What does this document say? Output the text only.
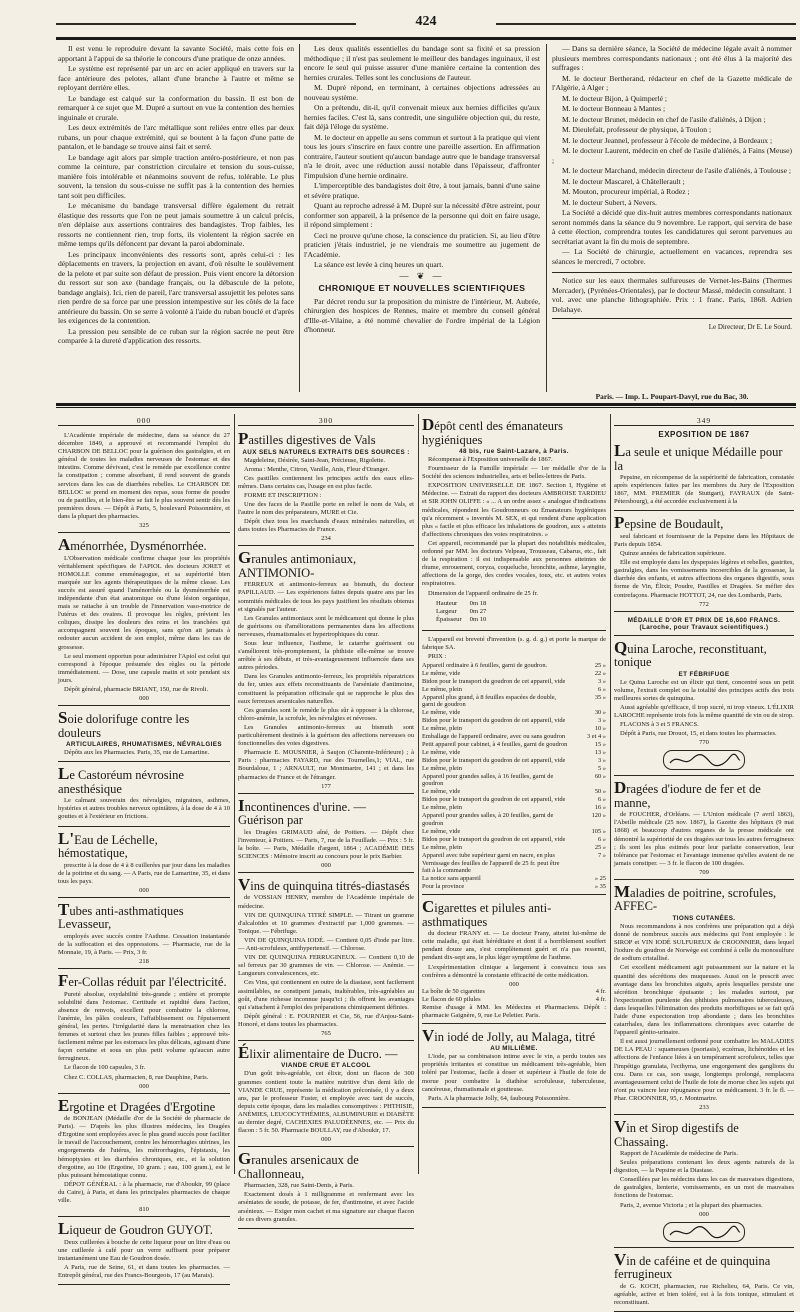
424

Il est venu le reproduire devant la savante Société, mais cette fois en apportant à l'appui de sa théorie le concours d'une pratique de onze années.

Le système est représenté par un arc en acier appliqué en travers sur la face antérieure des pelotes, allant d'une branche à l'autre et même se reployant derrière elles.

Le bandage est calqué sur la conformation du bassin. Il est bon de remarquer à ce sujet que M. Dupré a surtout en vue la contention des hernies inguinale et crurale.

Les deux extrémités de l'arc métallique sont reliées entre elles par deux rubans, un pour chaque extrémité, qui se boutent à la façon d'une patte de pantalon, et le bandage se trouve ainsi fait et serré.

Le bandage agit alors par simple traction antéro-postérieure, et non pas comme la ceinture, par constriction circulaire et tension du sous-cuisse, manière fois intolérable et néanmoins souvent de refus, tolérable. Le plus souvent, la tension du sous-cuisse ne suffit pas à la contention des hernies tant soit peu difficiles.

Le mécanisme du bandage transversal diffère également du retrait élastique des ressorts que l'on ne peut jamais soumettre à un calcul précis, n'en déplaise aux assertions contraires des bandagistes. Trop faibles, les ressorts ne contiennent rien, trop forts, ils violentent la région sacrée en même temps qu'ils défoncent par devant la paroi abdominale.

Les principaux inconvénients des ressorts sont, après celui-ci : les déplacements en travers, la projection en avant, d'où résulte le soulèvement de la pelote et par suite son défaut de pression. Puis vient encore la détorsion du ressort sur son axe (bandage français, ou la débascule de la pelote, bandage anglais). Ici, rien de pareil, l'arc transversal assujettit les pelotes sans rien perdre de sa force par une pression intempestive sur les côtés de la face antérieure du bassin. On se serre à volonté à l'aide du ruban bouclé et d'après les exigences de la contention.

La pression peu sensible de ce ruban sur la région sacrée ne peut être comparée à la dureté d'application des ressorts.

Les deux qualités essentielles du bandage sont sa fixité et sa pression méthodique ; il n'est pas seulement le meilleur des bandages inguinaux, il est encore le seul qui puisse assurer d'une manière certaine la contention des hernies crurales. Telles sont les conclusions de l'auteur.

M. Dupré répond, en terminant, à certaines objections adressées au nouveau système.

On a prétendu, dit-il, qu'il convenait mieux aux hernies difficiles qu'aux hernies faciles. C'est là, sans contredit, une singulière objection qui, du reste, fait déjà l'éloge du système.

M. le docteur en appelle au sens commun et surtout à la pratique qui vient tous les jours s'inscrire en faux contre une pareille assertion. En affirmation contraire, l'auteur soutient qu'aucun bandage autre que le bandage transversal n'a le droit, avec une réduction aussi notable dans l'épaisseur, d'affronter l'impulsion d'une hernie ordinaire.

L'imperceptible des bandagistes doit être, à tout jamais, banni d'une saine et sévère pratique.

Quant au reproche adressé à M. Dupré sur la nécessité d'être astreint, pour conformer son appareil, à la présence de la personne qui doit en faire usage, il répond simplement :

Ceci ne prouve qu'une chose, la conscience du praticien. Si, au lieu d'être praticien j'étais industriel, je ne viendrais me soumettre au jugement de l'Académie.

La séance est levée à cinq heures un quart.

— ❦ —
CHRONIQUE ET NOUVELLES SCIENTIFIQUES

Par décret rendu sur la proposition du ministre de l'intérieur, M. Aubrée, chirurgien des hospices de Rennes, maire et membre du conseil général d'Ille-et-Vilaine, a été nommé chevalier de l'ordre impérial de la Légion d'honneur.

— Dans sa dernière séance, la Société de médecine légale avait à nommer plusieurs membres correspondants nationaux ; ont été élus à la majorité des suffrages :

M. le docteur Bertherand, rédacteur en chef de la Gazette médicale de l'Algérie, à Alger ;

M. le docteur Bijon, à Quimperlé ;

M. le docteur Bonneau à Mantes ;

M. le docteur Brunet, médecin en chef de l'asile d'aliénés, à Dijon ;

M. Dieulefait, professeur de physique, à Toulon ;

M. le docteur Jeannel, professeur à l'école de médecine, à Bordeaux ;

M. le docteur Laurent, médecin en chef de l'asile d'aliénés, à Fains (Meuse) ;

M. le docteur Marchand, médecin directeur de l'asile d'aliénés, à Toulouse ;

M. le docteur Mascarel, à Châtellerault ;

M. Mouton, procureur impérial, à Rodez ;

M. le docteur Subert, à Nevers.

La Société a décidé que dix-huit autres membres correspondants nationaux seront nommés dans la séance du 9 novembre. Le rapport, qui servira de base à cette élection, comprendra toutes les candidatures qui seront parvenues au secrétariat avant la fin du mois de septembre.

— La Société de chirurgie, actuellement en vacances, reprendra ses séances le mercredi, 7 octobre.

Notice sur les eaux thermales sulfureuses de Vernet-les-Bains (Thermes Mercader), (Pyrénées-Orientales), par le docteur Massé, médecin consultant. 1 vol. avec une planche lithographiée. Prix : 1 franc. Paris, 1868. Adrien Delahaye.

Le Directeur, Dr E. Le Sourd.
Paris. — Imp. L. Poupart-Davyl, rue du Bac, 30.
000

L'Académie impériale de médecine, dans sa séance du 27 décembre 1849, a approuvé et recommandé l'emploi du CHARBON DE BELLOC pour la guérison des gastralgies, et en général de toutes les maladies nerveuses de l'estomac et des intestins. Comme dévivant, c'est le remède par excellence contre la constipation ; comme absorbant, il rend souvent de grands services dans les cas de diarrhées rebelles. Le CHARBON DE BELLOC se prend en moment des repas, sous forme de poudre ou de pastilles, et le bien-être se fait le plus souvent sentir dès les premières doses. — Dépôt à Paris, 5, boulevard Poissonnière, et dans la plupart des pharmacies.

325
Aménorrhée, Dysménorrhée.

L'Observation médicale confirme chaque jour les propriétés véritablement spécifiques de l'APIOL des docteurs JORET et HOMOLLE comme emménagogue, et sa supériorité bien marquée sur les agents thérapeutiques de la même classe. Les succès est assuré quand l'aménorrhée ou la dysménorrhée est indépendante d'un état anatomique ou d'une lésion organique, mais se rattache à un trouble de l'innervation vaso-motrice de l'utérus et des ovaires. Il provoque les règles, prévient les coliques, dissipe les douleurs des reins et les tranchées qui accompagnent souvent les époques, sans qu'on ait jamais à redouter aucun accident de son emploi, même dans les cas de grossesse.

Le seul moment opportun pour administrer l'Apiol est celui qui correspond à l'époque présumée des règles ou la période immédiatement. — Dose, une capsule matin et soir pendant six jours.

Dépôt général, pharmacie BRIANT, 150, rue de Rivoli.

000
Soie dolorifuge contre les douleurs
ARTICULAIRES, RHUMATISMES, NÉVRALGIES

Dépôts aux les Pharmacies. Paris, 35, rue de Lamartine.

Le Castoréum névrosine anesthésique

Le calmant souverain des névralgies, migraines, asthmes, hystéries et autres troubles nerveux opiniâtres, à la dose de 4 à 10 gouttes et à l'extérieur en frictions.

L'Eau de Léchelle, hémostatique,

prescrite à la dose de 4 à 8 cuillerées par jour dans les maladies de la poitrine et du sang. — A Paris, rue de Lamartine, 35, et dans tous les pays.

000
Tubes anti-asthmatiques Levasseur,

employés avec succès contre l'Asthme. Cessation instantanée de la suffocation et des oppressions. — Pharmacie, rue de la Monnaie, 19, à Paris. — Prix, 3 fr.

218
Fer-Collas réduit par l'électricité.

Pureté absolue, oxydabilité très-grande ; entière et prompte solubilité dans l'estomac. Certitude et rapidité dans l'action, absence de renvois, excellent pour combattre la chlorose, l'anémie, les pâles couleurs, l'affaiblissement ou l'épuisement général, les pertes. l'irrégularité dans la menstruation chez les femmes et surtout chez les jeunes filles faibles ; approuvé très-facilement même par les estomacs les plus délicats, agissant d'une façon certaine et sous un plus petit volume qu'aucun autre ferrugineux.

Le flacon de 100 capsules, 3 fr.

Chez C. COLLAS, pharmacien, 8, rue Dauphine, Paris.

000
Ergotine et Dragées d'Ergotine

de BONJEAN (Médaille d'or de la Société de pharmacie de Paris). — D'après les plus illustres médecins, les Dragées d'Ergotine sont employées avec le plus grand succès pour faciliter le travail de l'accouchement, contre les hémorrhagies utérines, les engorgements de l'utérus, les métrorrhagies, l'épistaxis, les hémoptysies et les diarrhées chroniques, etc., et la solution d'ergotine, au 10e (Ergotine, 10 gram. ; eau, 100 gram.), est le plus puissant hémostatique connu.

DÉPOT GÉNÉRAL : à la pharmacie, rue d'Aboukir, 99 (place du Caire), à Paris, et dans les principales pharmacies de chaque ville.

810
Liqueur de Goudron GUYOT.

Deux cuillerées à bouche de cette liqueur pour un litre d'eau ou une cuillerée à café pour un verre suffisent pour préparer instantanément une Eau de Goudron dosée.

A Paris, rue de Seine, 61, et dans toutes les pharmacies. — Entrepôt général, rue des Francs-Bourgeois, 17 (au Marais).

300
Pastilles digestives de Vals
AUX SELS NATURELS EXTRAITS DES SOURCES :

Magdeleine, Désirée, Saint-Jean, Précieuse, Rigolette.

Aroma : Menthe, Citron, Vanille, Anis, Fleur d'Oranger.

Ces pastilles contiennent les principes actifs des eaux elles-mêmes. Dans certains cas, l'usage en est plus facile.

FORME ET INSCRIPTION :

Une des faces de la Pastille porte en relief le nom de Vals, et l'autre le nom des préparateurs, MURE et Cie.

Dépôt chez tous les marchands d'eaux minérales naturelles, et dans toutes les Pharmacies de France.

234
Granules antimoniaux, ANTIMONIO-

FERREUX et antimonio-ferreux au bismuth, du docteur PAPILLAUD. — Les expériences faites depuis quatre ans par les sommités médicales de tous les pays justifient les résultats obtenus et signalés par l'auteur.

Les Granules antimoniaux sont le médicament qui donne le plus de guérisons ou d'améliorations permanentes dans les affections nerveuses, rhumatismales et hypertrophiques du cœur.

Sous leur influence, l'asthme, le catarrhe guérissent ou s'améliorent très-promptement, la phthisie elle-même se trouve arrêtée à ses débuts, et très-avantageusement influencée dans ses autres périodes.

Dans les Granules antimonio-ferreux, les propriétés réparatrices du fer, unies aux effets reconstituants de l'arséniate d'antimoine, constituent la préparation officinale qui se rapproche le plus des eaux ferreuses arsenicales naturelles.

Ces granules sont le remède le plus sûr à opposer à la chlorose, chloro-anémie, la scrofule, les névralgies et névroses.

Les Granules antimonio-ferreux au bismuth sont particulièrement destinés à la guérison des affections nerveuses ou fonctionnelles des voies digestives.

Pharmacie E. MOUSNIER, à Saujon (Charente-Inférieure) ; à Paris : pharmacies FAYARD, rue des Tournelles,1; VIAL, rue Bourdaloue, 1 ; ARNAULT, rue Montmartre, 141 ; et dans les pharmacies de France et de l'étranger.

177
Incontinences d'urine. — Guérison par

les Dragées GRIMAUD aîné, de Poitiers. — Dépôt chez l'inventeur, à Poitiers. — Paris, 7, rue de la Feuillade. — Prix : 5 fr. la boîte. — Paris, Médaille d'argent, 1864 ; ACADÉMIE DES SCIENCES : Mémoire inscrit au concours pour le prix Barbier.

000
Vins de quinquina titrés-diastasés

de VOSSIAN HENRY, membre de l'Académie impériale de médecine.

VIN DE QUINQUINA TITRÉ SIMPLE. — Titrant un gramme d'alcaloïdes et 10 grammes d'extractif par 1,000 grammes. — Tonique. — Fébrifuge.

VIN DE QUINQUINA IODÉ. — Contient 0,05 d'iode par litre. — Anti-scrofuleux, antihypertensif. — Chlorose.

VIN DE QUINQUINA FERRUGINEUX. — Contient 0,10 de sel ferreux par 30 grammes de vin. — Chlorose. — Anémie. — Langueurs convalescences, etc.

Ces Vins, qui contiennent en outre de la diastase, sont facilement assimilables, ne constipent jamais, inaltérables, très-agréables au goût, d'une richesse inconnue jusqu'ici ; ils offrent les avantages qui s'attachent à l'emploi des préparations chimiquement définies.

Dépôt général : E. FOURNIER et Cie, 56, rue d'Anjou-Saint-Honoré, et dans toutes les pharmacies.

765
Élixir alimentaire de Ducro. —
VIANDE CRUE ET ALCOOL

D'un goût très-agréable, cet élixir, dont un flacon de 300 grammes contient toute la matière nutritive d'un demi kilo de VIANDE CRUE, représente la médication préconisée, il y a deux ans, par le professeur Fuster, et employée avec tant de succès, depuis cette époque, dans les maladies consomptives : PHTHISIE, ANÉMIES, LEUCOCYTHÉMIES, ALBUMINURIE et DIABÈTE au dernier degré, CACHEXIES PALUDÉENNES, etc. — Prix du flacon : 5 fr. 50. Pharmacie BOULLAY, rue d'Aboukir, 17.

000
Granules arsenicaux de Challonneau,

Pharmacien, 328, rue Saint-Denis, à Paris.

Exactement dosés à 1 milligramme et renfermant avec les arséniates de soude, de potasse, de fer, d'antimoine, et avec l'acide arsénieux. — Exiger mon cachet et ma signature sur chaque flacon de ces divers granules.

Dépôt centl des émanateurs hygiéniques
48 bis, rue Saint-Lazare, à Paris.

Récompense à l'Exposition universelle de 1867.

Fournisseur de la Famille impériale — 1er médaille d'or de la Société des sciences industrielles, arts et belles-lettres de Paris.

EXPOSITION UNIVERSELLE DE 1867. Section I, Hygiène et Médecine. — Extrait du rapport des docteurs AMBROISE TARDIEU et SIR JOHN OLIFFE : « ... A un ordre assez « analogue d'indications médicales, répondent les Goudronneurs ou Émanateurs hygiéniques qu'a récemment « inventés M. SEX, et qui rendent d'une application plus « facile et plus efficace les inhalations de goudron, aux « atteints d'affections chroniques des voies respiratoires. »

Cet appareil, recommandé par la plupart des notabilités médicales, ordonné par MM. les docteurs Velpeau, Trousseau, Cabarus, etc., fait de la respiration : il est indispensable aux personnes atteintes de rhume, enrouement, coryza, coqueluche, bronchite, asthme, laryngite, affections de la gorge, des cordes vocales, toux, etc. et autres voies respiratoires.

Dimension de l'appareil ordinaire de 25 fr.

Hauteur	0m 18
Largeur	0m 27
Épaisseur	0m 10

L'appareil est breveté d'invention (s. g. d. g.) et porte la marque de fabrique SA.

PRIX :

Appareil ordinaire à 6 feuilles, garni de goudron.	25 »
Le même, vide	22 »
Bidon pour le transport du goudron de cet appareil, vide	3 »
Le même, plein	6 »
Appareil plus grand, à 8 feuilles espacées de double, garni de goudron	35 »
Le même, vide	30 »
Bidon pour le transport du goudron de cet appareil, vide	3 »
Le même, plein	10 »
Emballage de l'appareil ordinaire, avec ou sans goudron	3 et 4 »
Petit appareil pour cabinet, à 4 feuilles, garni de goudron	15 »
Le même, vide	13 »
Bidon pour le transport du goudron de cet appareil, vide	3 »
Le même, plein	5 »
Appareil pour grandes salles, à 16 feuilles, garni de goudron	60 »
Le même, vide	50 »
Bidon pour le transport du goudron de cet appareil, vide	6 »
Le même, plein	16 »
Appareil pour grandes salles, à 20 feuilles, garni de goudron	120 »
Le même, vide	105 »
Bidon pour le transport du goudron de cet appareil, vide	6 »
Le même, plein	25 »
Appareil avec tube supérieur garni en nacre, en plus	7 »
Vernissage des feuilles de l'appareil de 25 fr. peut être fait à la commande	
La notice sans appareil	» 25
Pour la province	» 35
Cigarettes et pilules anti-asthmatiques

du docteur FRANY et. — Le docteur Frany, atteint lui-même de cette maladie, qui était héréditaire et dont il a horriblement souffert pendant douze ans, s'est complètement guéri et n'a pas ressenti, pendant dix-sept ans, le plus léger symptôme de l'asthme.

L'expérimentation clinique a largement à convaincu tous ses confrères a démontré la constante efficacité de cette médication.

000
La boîte de 50 cigarettes	4 fr.
Le flacon de 60 pilules	4 fr.
Remise d'usage à MM. les Médecins et Pharmaciens. Dépôt : pharmacie Gaignère, 9, rue Le Peletier. Paris.
Vin iodé de Jolly, au Malaga, titré
AU MILLIÈME.

L'iode, par sa combinaison intime avec le vin, a perdu toutes ses propriétés irritantes et constitue un médicament très-agréable, bien toléré par l'estomac, facile à doser et supérieur à l'huile de foie de morue pour combattre la diathèse scrofuleuse, tuberculeuse, cancéreuse, rhumatismale et goutteuse.

Paris. A la pharmacie Jolly, 64, faubourg Poissonnière.

349
EXPOSITION DE 1867
La seule et unique Médaille pour la

Pepsine, en récompense de la supériorité de fabrication, constatée après expériences faites par les membres du Jury de l'Exposition 1867, MM. FREMIER (de Stuttgart), FAYRAUX (de Saint-Pétersbourg), a été accordée exclusivement à la

Pepsine de Boudault,

seul fabricant et fournisseur de la Pepsine dans les Hôpitaux de Paris depuis 1854.

Quinze années de fabrication supérieure.

Elle est employée dans les dyspepsies légères et rebelles, gastrites, gastralgies, dans les vomissements incoercibles de la grossesse, la diarrhée des enfants, et autres affections des organes digestifs, sous forme de Vin, Élixir, Poudre, Pastilles et Dragées. Se méfier des contrefaçons. Pharmacie HOTTOT, 24, rue des Lombards, Paris.

772
MÉDAILLE D'OR ET PRIX DE 16,600 FRANCS. (Laroche, pour Travaux scientifiques.)
Quina Laroche, reconstituant, tonique
ET FÉBRIFUGE

Le Quina Laroche est un élixir qui tient, concentré sous un petit volume, l'extrait complet ou la totalité des principes actifs des trois meilleures sortes de quinquina.

Aussi agréable qu'efficace, il trop sucré, ni trop vineux. L'ÉLIXIR LAROCHE représente trois fois la même quantité de vin ou de sirop.

FLACONS à 3 et 5 FRANCS.

Dépôt à Paris, rue Drouot, 15, et dans toutes les pharmacies.

770
Dragées d'iodure de fer et de manne,

de FOUCHER, d'Orléans. — L'Union médicale (7 avril 1863), l'Abeille médicale (25 nov. 1867), la Gazette des hôpitaux (9 mai 1868) et beaucoup d'autres organes de la presse médicale ont démontré la supériorité de ces dragées sur tous les autres ferrugineux ; ils sont les plus estimés pour leur parfaite conservation, leur tolérance par l'estomac et l'avantage immense qu'elles avaient de ne jamais constiper. — 3 fr. le flacon de 100 dragées.

709
Maladies de poitrine, scrofules, AFFEC-
TIONS CUTANÉES.

Nous recommandons à nos confrères une préparation qui a déjà donné de nombreux succès aux médecins qui l'ont employée : le SIROP et VIN IODÉ SULFUREUX de CROONNIER, dans lequel l'iodure du goudron de Norwège est combiné à celle du monosulfure de sodium cristallisé.

Cet excellent médicament agit puissamment sur la nature et la quantité des sécrétions des muqueuses. Aussi on le prescrit avec avantage dans les bronchites aiguës, après lesquelles persiste une sécrétion bronchique épuisante ; les malades surtout, par l'expectoration purulente des phthisies pulmonaires tuberculeuses, dans lesquelles l'élimination des produits morbifiques se se fait qu'à l'aide d'une expectoration trop abondante ; dans les bronchites catarrhales, dans les inflammations chroniques avec catarrhe de l'appareil génito-urinaire.

Il est aussi journellement ordonné pour combattre les MALADIES DE LA PEAU : squameuses (psoriasis), eczémas, lichénoïdes et les affections de l'enfance liées à un tempérament scrofuleux, telles que l'impétigo granulata, l'ecthyma, une engorgement des ganglions du cou. Dans ce cas, son usage, longtemps prolongé, remplacera avantageusement celui de l'huile de foie de morue chez les sujets qui n'ont pu vaincre leur répugnance pour ce médicament. 3 fr. le fl. — Phar. CROONNIER, 95, r. Montmartre.

233
Vin et Sirop digestifs de Chassaing.

Rapport de l'Académie de médecine de Paris.

Seules préparations contenant les deux agents naturels de la digestion, — la Pepsine et la Diastase.

Conseillées par les médecins dans les cas de mauvaises digestions, de gastralgies, lienterie, vomissements, en un mot de mauvaises fonctions de l'estomac.

Paris, 2, avenue Victoria ; et la plupart des pharmacies.

000
Vin de caféine et de quinquina ferrugineux

de G. KOCH, pharmacien, rue Richelieu, 64, Paris. Ce vin, agréable, active et bien toléré, est à la fois tonique, stimulant et reconstituant.
